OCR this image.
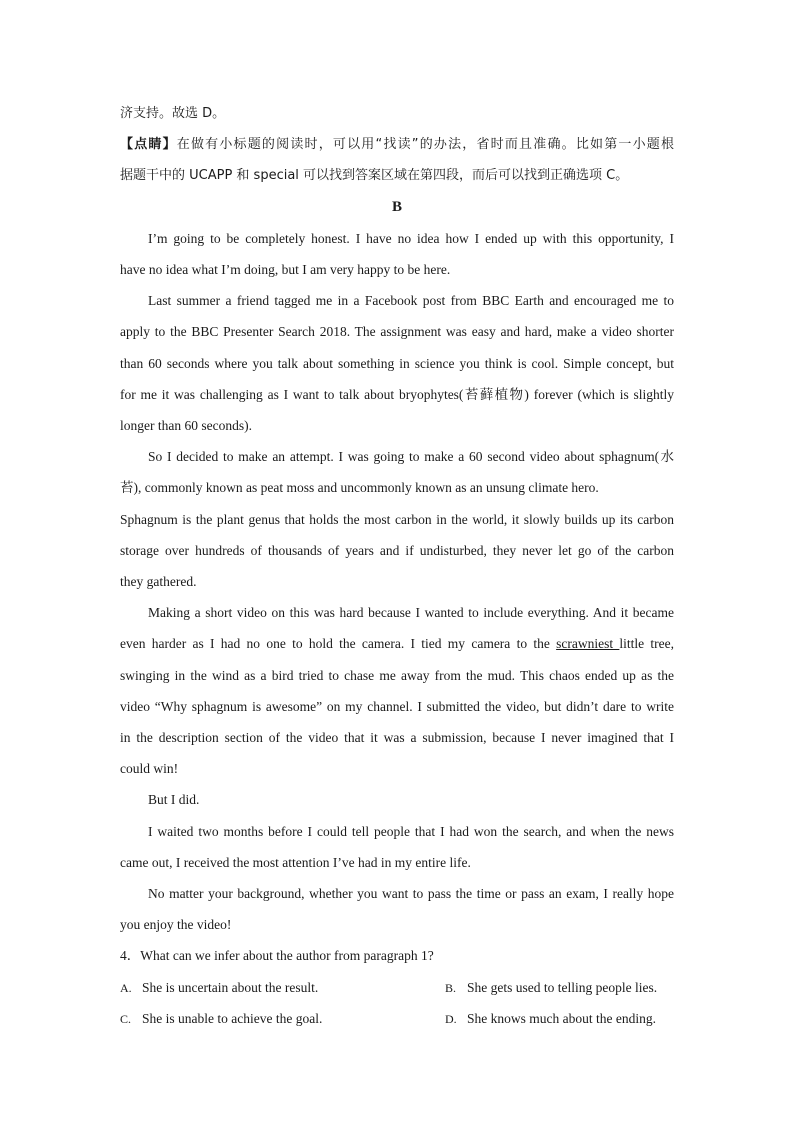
济支持。故选 D。
【点睛】在做有小标题的阅读时，可以用“找读”的办法，省时而且准确。比如第一小题根
据题干中的 UCAPP 和 special 可以找到答案区域在第四段，而后可以找到正确选项 C。
B
I’m going to be completely honest. I have no idea how I ended up with this opportunity, I
have no idea what I’m doing, but I am very happy to be here.
Last summer a friend tagged me in a Facebook post from BBC Earth and encouraged me to
apply to the BBC Presenter Search 2018. The assignment was easy and hard, make a video shorter
than 60 seconds where you talk about something in science you think is cool. Simple concept, but
for me it was challenging as I want to talk about bryophytes(苔藓植物) forever (which is slightly
longer than 60 seconds).
So I decided to make an attempt. I was going to make a 60 second video about sphagnum(水
苔), commonly known as peat moss and uncommonly known as an unsung climate hero.
Sphagnum is the plant genus that holds the most carbon in the world, it slowly builds up its carbon
storage over hundreds of thousands of years and if undisturbed, they never let go of the carbon
they gathered.
Making a short video on this was hard because I wanted to include everything. And it became
even harder as I had no one to hold the camera. I tied my camera to the scrawniest little tree,
swinging in the wind as a bird tried to chase me away from the mud. This chaos ended up as the
video “Why sphagnum is awesome” on my channel. I submitted the video, but didn’t dare to write
in the description section of the video that it was a submission, because I never imagined that I
could win!
But I did.
I waited two months before I could tell people that I had won the search, and when the news
came out, I received the most attention I’ve had in my entire life.
No matter your background, whether you want to pass the time or pass an exam, I really hope
you enjoy the video!
4．What can we infer about the author from paragraph 1?
A. She is uncertain about the result.	B. She gets used to telling people lies.
C. She is unable to achieve the goal.	D. She knows much about the ending.
